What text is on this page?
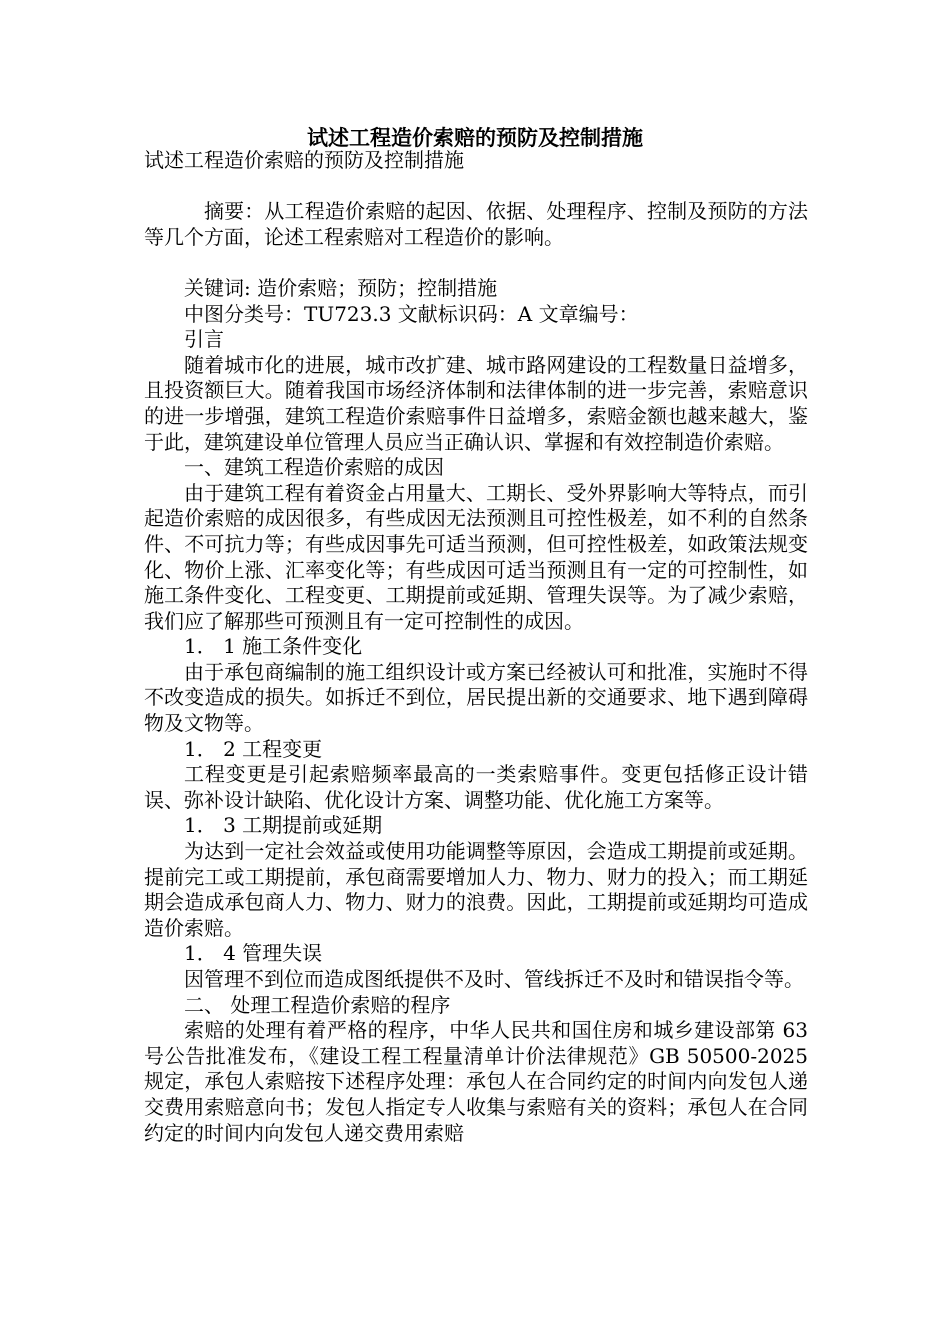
试述工程造价索赔的预防及控制措施

试述工程造价索赔的预防及控制措施

摘要：从工程造价索赔的起因、依据、处理程序、控制及预防的方法等几个方面，论述工程索赔对工程造价的影响。

关键词: 造价索赔；预防；控制措施

中图分类号：TU723.3 文献标识码：A 文章编号：

引言

随着城市化的进展，城市改扩建、城市路网建设的工程数量日益增多，且投资额巨大。随着我国市场经济体制和法律体制的进一步完善，索赔意识的进一步增强，建筑工程造价索赔事件日益增多，索赔金额也越来越大，鉴于此，建筑建设单位管理人员应当正确认识、掌握和有效控制造价索赔。

一、建筑工程造价索赔的成因

由于建筑工程有着资金占用量大、工期长、受外界影响大等特点，而引起造价索赔的成因很多，有些成因无法预测且可控性极差，如不利的自然条件、不可抗力等；有些成因事先可适当预测，但可控性极差，如政策法规变化、物价上涨、汇率变化等；有些成因可适当预测且有一定的可控制性，如施工条件变化、工程变更、工期提前或延期、管理失误等。为了减少索赔，我们应了解那些可预测且有一定可控制性的成因。

1． 1 施工条件变化

由于承包商编制的施工组织设计或方案已经被认可和批准，实施时不得不改变造成的损失。如拆迁不到位，居民提出新的交通要求、地下遇到障碍物及文物等。

1． 2 工程变更

工程变更是引起索赔频率最高的一类索赔事件。变更包括修正设计错误、弥补设计缺陷、优化设计方案、调整功能、优化施工方案等。

1． 3 工期提前或延期

为达到一定社会效益或使用功能调整等原因，会造成工期提前或延期。提前完工或工期提前，承包商需要增加人力、物力、财力的投入；而工期延期会造成承包商人力、物力、财力的浪费。因此，工期提前或延期均可造成造价索赔。

1． 4 管理失误

因管理不到位而造成图纸提供不及时、管线拆迁不及时和错误指令等。

二、 处理工程造价索赔的程序

索赔的处理有着严格的程序，中华人民共和国住房和城乡建设部第 63 号公告批准发布，《建设工程工程量清单计价法律规范》GB 50500-2025 规定，承包人索赔按下述程序处理：承包人在合同约定的时间内向发包人递交费用索赔意向书；发包人指定专人收集与索赔有关的资料；承包人在合同约定的时间内向发包人递交费用索赔
